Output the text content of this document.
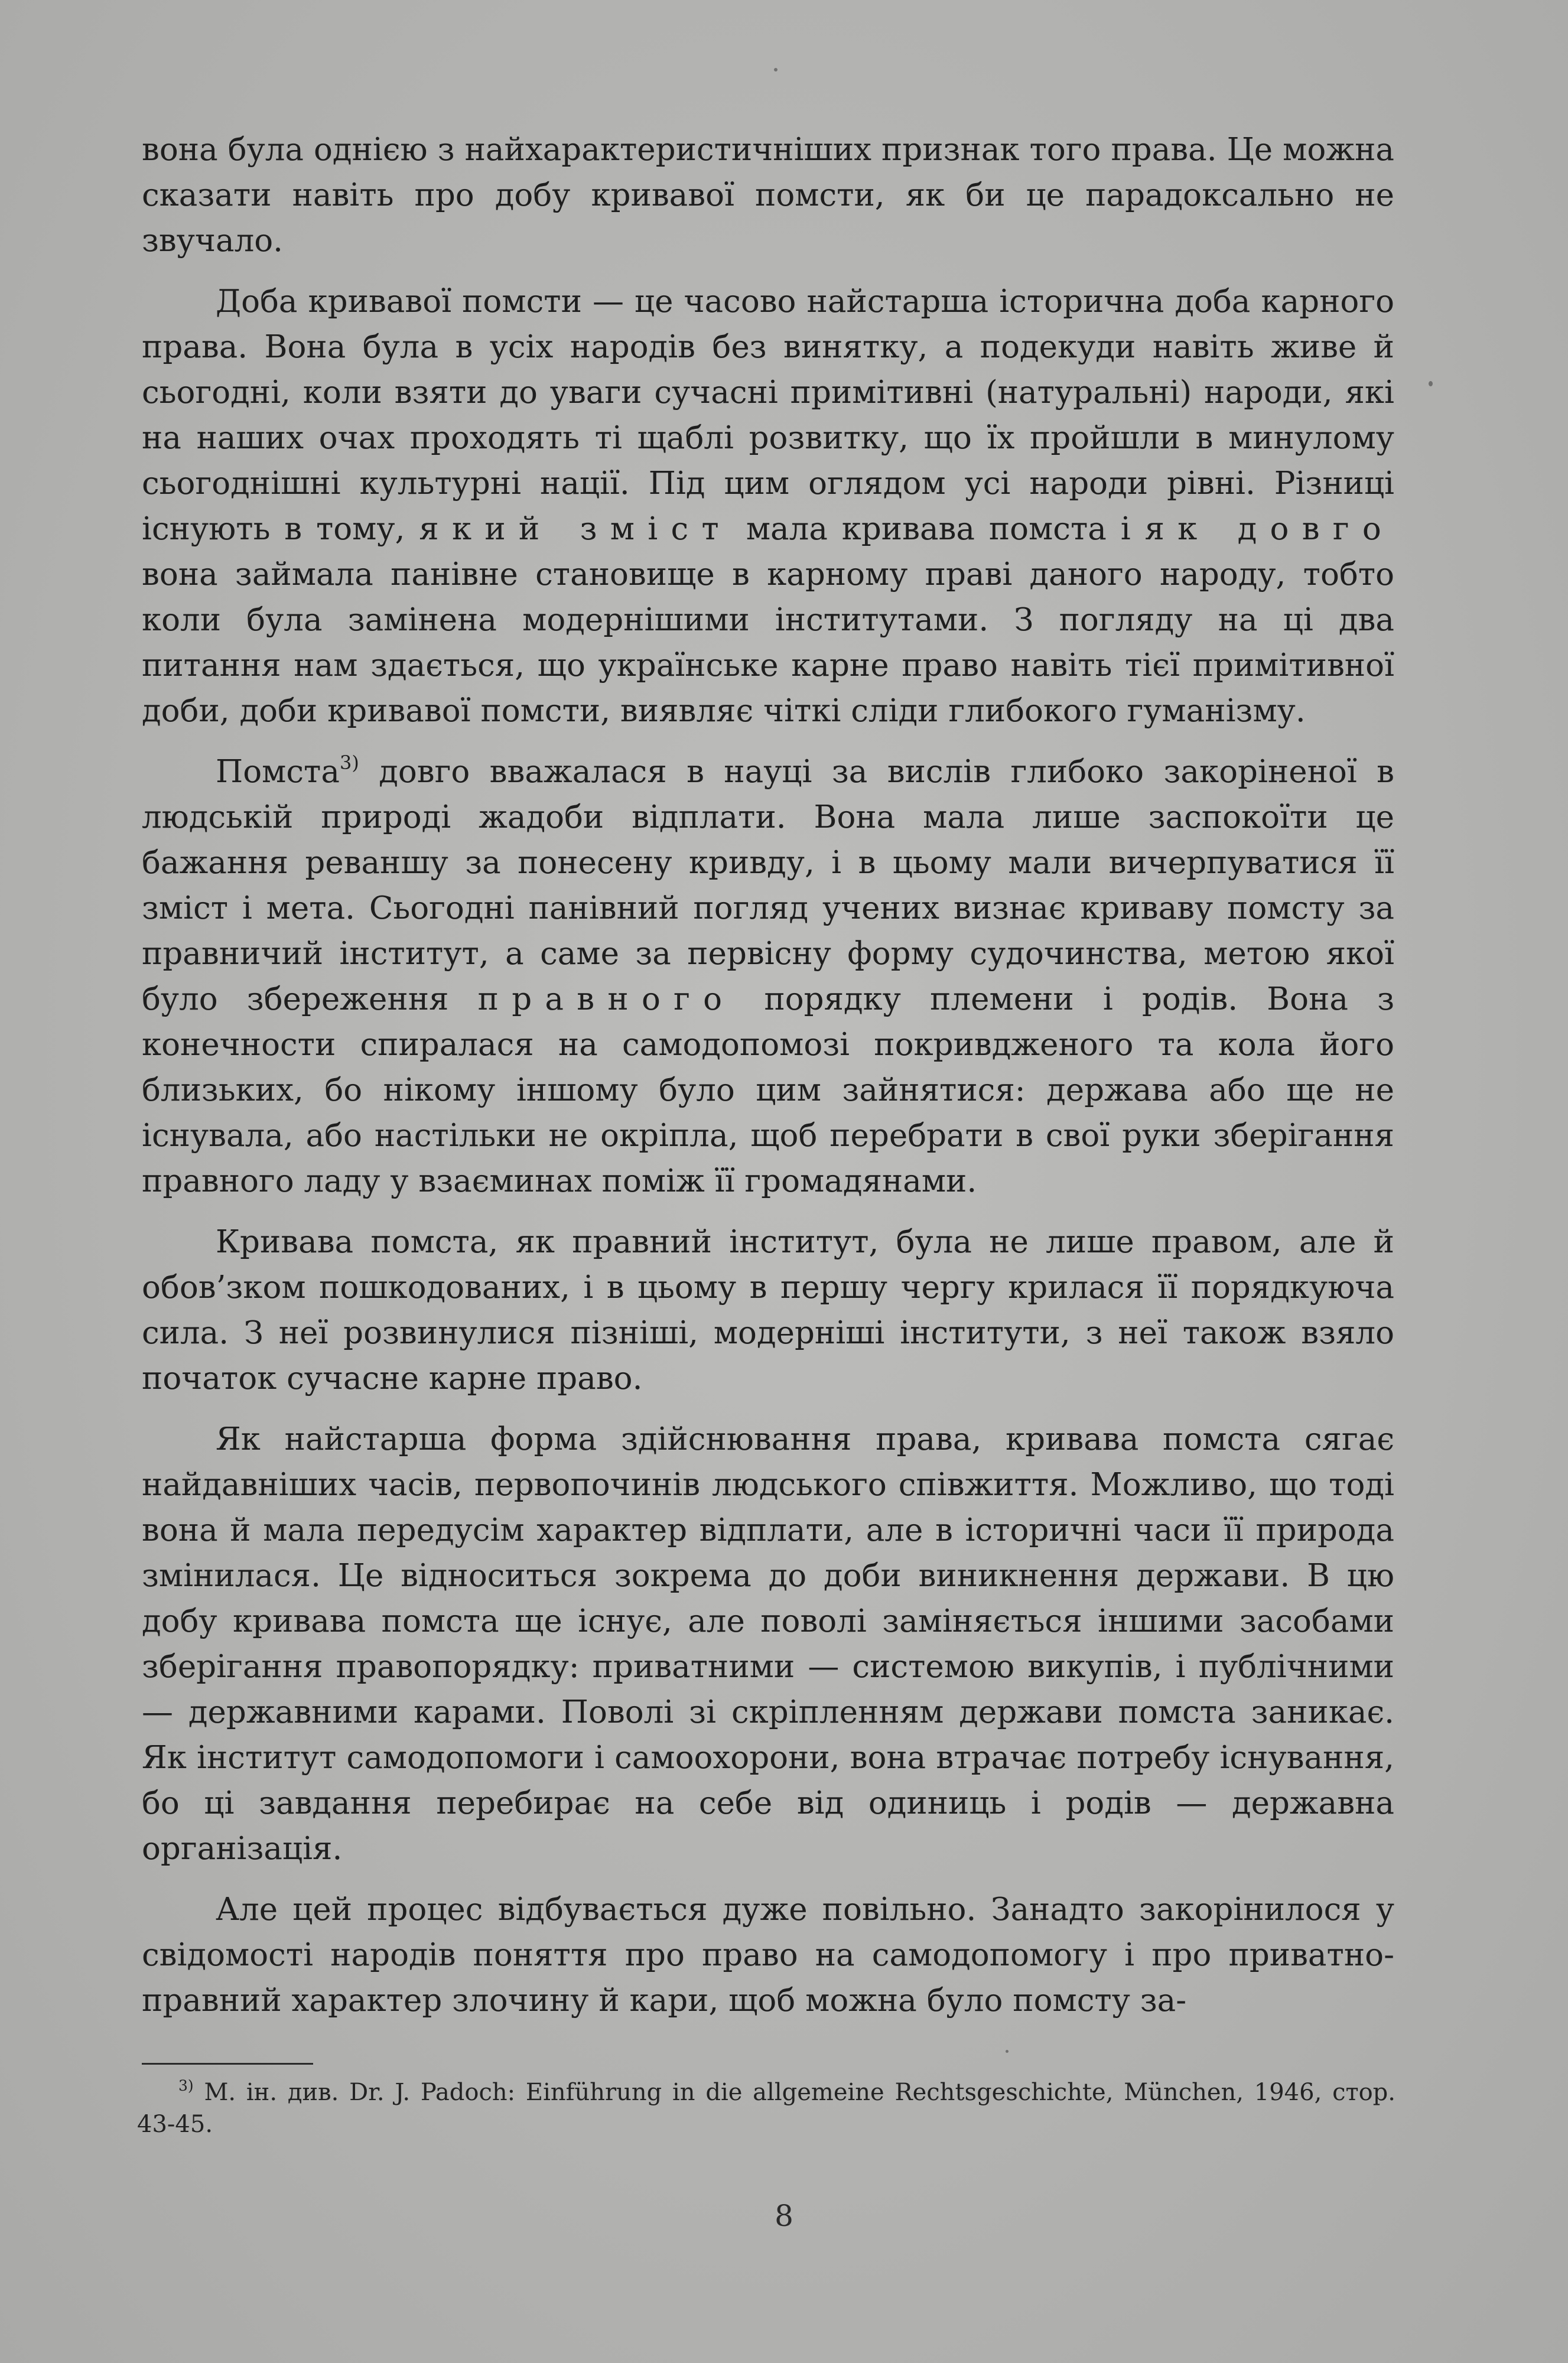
вона була однією з найхарактеристичніших признак того права. Це можна сказати навіть про добу кривавої помсти, як би це парадоксально не звучало.

Доба кривавої помсти — це часово найстарша історична доба карного права. Вона була в усіх народів без винятку, а подекуди навіть живе й сьогодні, коли взяти до уваги сучасні примітивні (натуральні) народи, які на наших очах проходять ті щаблі розвитку, що їх пройшли в минулому сьогоднішні культурні нації. Під цим оглядом усі народи рівні. Різниці існують в тому, який зміст мала кривава помста і як довго вона займала панівне становище в карному праві даного народу, тобто коли була замінена модернішими інститутами. З погляду на ці два питання нам здається, що українське карне право навіть тієї примітивної доби, доби кривавої помсти, виявляє чіткі сліди глибокого гуманізму.

Помста$^{3)}$ довго вважалася в науці за вислів глибоко закоріненої в людській природі жадоби відплати. Вона мала лише заспокоїти це бажання реваншу за понесену кривду, і в цьому мали вичерпуватися її зміст і мета. Сьогодні панівний погляд учених визнає криваву помсту за правничий інститут, а саме за первісну форму судочинства, метою якої було збереження правного порядку племени і родів. Вона з конечности спиралася на самодопомозі покривдженого та кола його близьких, бо нікому іншому було цим зайнятися: держава або ще не існувала, або настільки не окріпла, щоб перебрати в свої руки зберігання правного ладу у взаєминах поміж її громадянами.

Кривава помста, як правний інститут, була не лише правом, але й обов’зком пошкодованих, і в цьому в першу чергу крилася її порядкуюча сила. З неї розвинулися пізніші, модерніші інститути, з неї також взяло початок сучасне карне право.

Як найстарша форма здійснювання права, кривава помста сягає найдавніших часів, первопочинів людського співжиття. Можливо, що тоді вона й мала передусім характер відплати, але в історичні часи її природа змінилася. Це відноситься зокрема до доби виникнення держави. В цю добу кривава помста ще існує, але поволі заміняється іншими засобами зберігання правопорядку: приватними — системою викупів, і публічними — державними карами. Поволі зі скріпленням держави помста заникає. Як інститут самодопомоги і самоохорони, вона втрачає потребу існування, бо ці завдання перебирає на себе від одиниць і родів — державна організація.

Але цей процес відбувається дуже повільно. Занадто закорінилося у свідомості народів поняття про право на самодопомогу і про приватно-правний характер злочину й кари, щоб можна було помсту за-

$^{3)}$ М. ін. див. Dr. J. Padoch: Einführung in die allgemeine Rechtsgeschichte, München, 1946, стор. 43-45.
8
